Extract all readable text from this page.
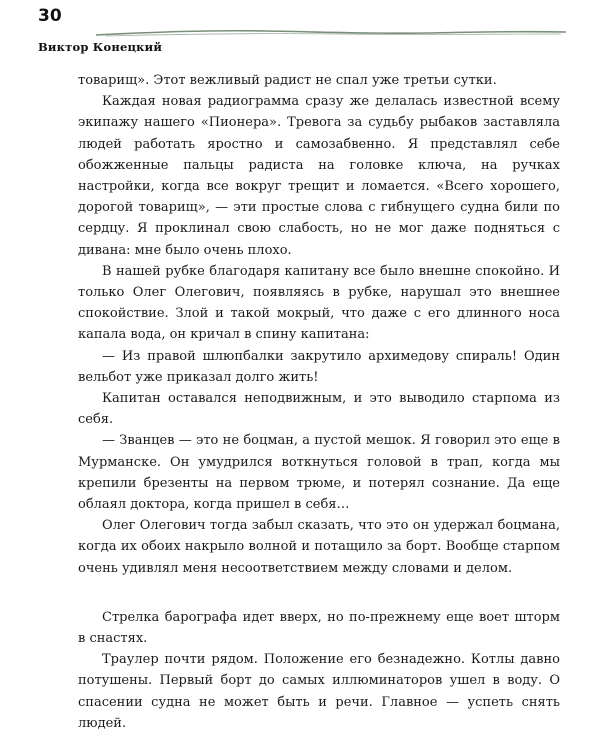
30
Виктор Конецкий

товарищ». Этот вежливый радист не спал уже третьи сутки.

Каждая новая радиограмма сразу же делалась известной всему экипажу нашего «Пионера». Тревога за судьбу рыбаков заставляла людей работать яростно и самозабвенно. Я представлял себе обожженные пальцы радиста на головке ключа, на ручках настройки, когда все вокруг трещит и ломается. «Всего хорошего, дорогой товарищ», — эти простые слова с гибнущего судна били по сердцу. Я проклинал свою слабость, но не мог даже подняться с дивана: мне было очень плохо.

В нашей рубке благодаря капитану все было внешне спокойно. И только Олег Олегович, появляясь в рубке, нарушал это внешнее спокойствие. Злой и такой мокрый, что даже с его длинного носа капала вода, он кричал в спину капитана:

— Из правой шлюпбалки закрутило архимедову спираль! Один вельбот уже приказал долго жить!

Капитан оставался неподвижным, и это выводило старпома из себя.

— Званцев — это не боцман, а пустой мешок. Я говорил это еще в Мурманске. Он умудрился воткнуться головой в трап, когда мы крепили брезенты на первом трюме, и потерял сознание. Да еще облаял доктора, когда пришел в себя…

Олег Олегович тогда забыл сказать, что это он удержал боцмана, когда их обоих накрыло волной и потащило за борт. Вообще старпом очень удивлял меня несоответствием между словами и делом.

Стрелка барографа идет вверх, но по-прежнему еще воет шторм в снастях.

Траулер почти рядом. Положение его безнадежно. Котлы давно потушены. Первый борт до самых иллюминаторов ушел в воду. О спасении судна не может быть и речи. Главное — успеть снять людей.
